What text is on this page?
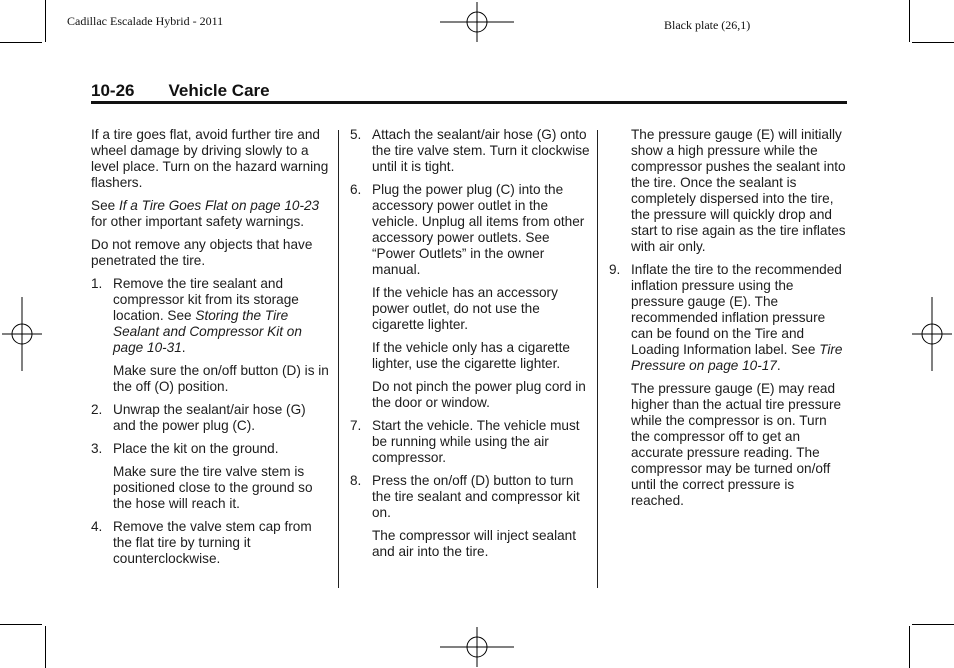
Cadillac Escalade Hybrid - 2011	Black plate (26,1)
10-26 Vehicle Care

If a tire goes flat, avoid further tire and wheel damage by driving slowly to a level place. Turn on the hazard warning flashers.

See If a Tire Goes Flat on page 10-23 for other important safety warnings.

Do not remove any objects that have penetrated the tire.

1. Remove the tire sealant and compressor kit from its storage location. See Storing the Tire Sealant and Compressor Kit on page 10-31.
Make sure the on/off button (D) is in the off (O) position.
2. Unwrap the sealant/air hose (G) and the power plug (C).
3. Place the kit on the ground.
Make sure the tire valve stem is positioned close to the ground so the hose will reach it.
4. Remove the valve stem cap from the flat tire by turning it counterclockwise.
5. Attach the sealant/air hose (G) onto the tire valve stem. Turn it clockwise until it is tight.
6. Plug the power plug (C) into the accessory power outlet in the vehicle. Unplug all items from other accessory power outlets. See “Power Outlets” in the owner manual.
If the vehicle has an accessory power outlet, do not use the cigarette lighter.
If the vehicle only has a cigarette lighter, use the cigarette lighter.
Do not pinch the power plug cord in the door or window.
7. Start the vehicle. The vehicle must be running while using the air compressor.
8. Press the on/off (D) button to turn the tire sealant and compressor kit on.
The compressor will inject sealant and air into the tire.
The pressure gauge (E) will initially show a high pressure while the compressor pushes the sealant into the tire. Once the sealant is completely dispersed into the tire, the pressure will quickly drop and start to rise again as the tire inflates with air only.
9. Inflate the tire to the recommended inflation pressure using the pressure gauge (E). The recommended inflation pressure can be found on the Tire and Loading Information label. See Tire Pressure on page 10-17.
The pressure gauge (E) may read higher than the actual tire pressure while the compressor is on. Turn the compressor off to get an accurate pressure reading. The compressor may be turned on/off until the correct pressure is reached.
